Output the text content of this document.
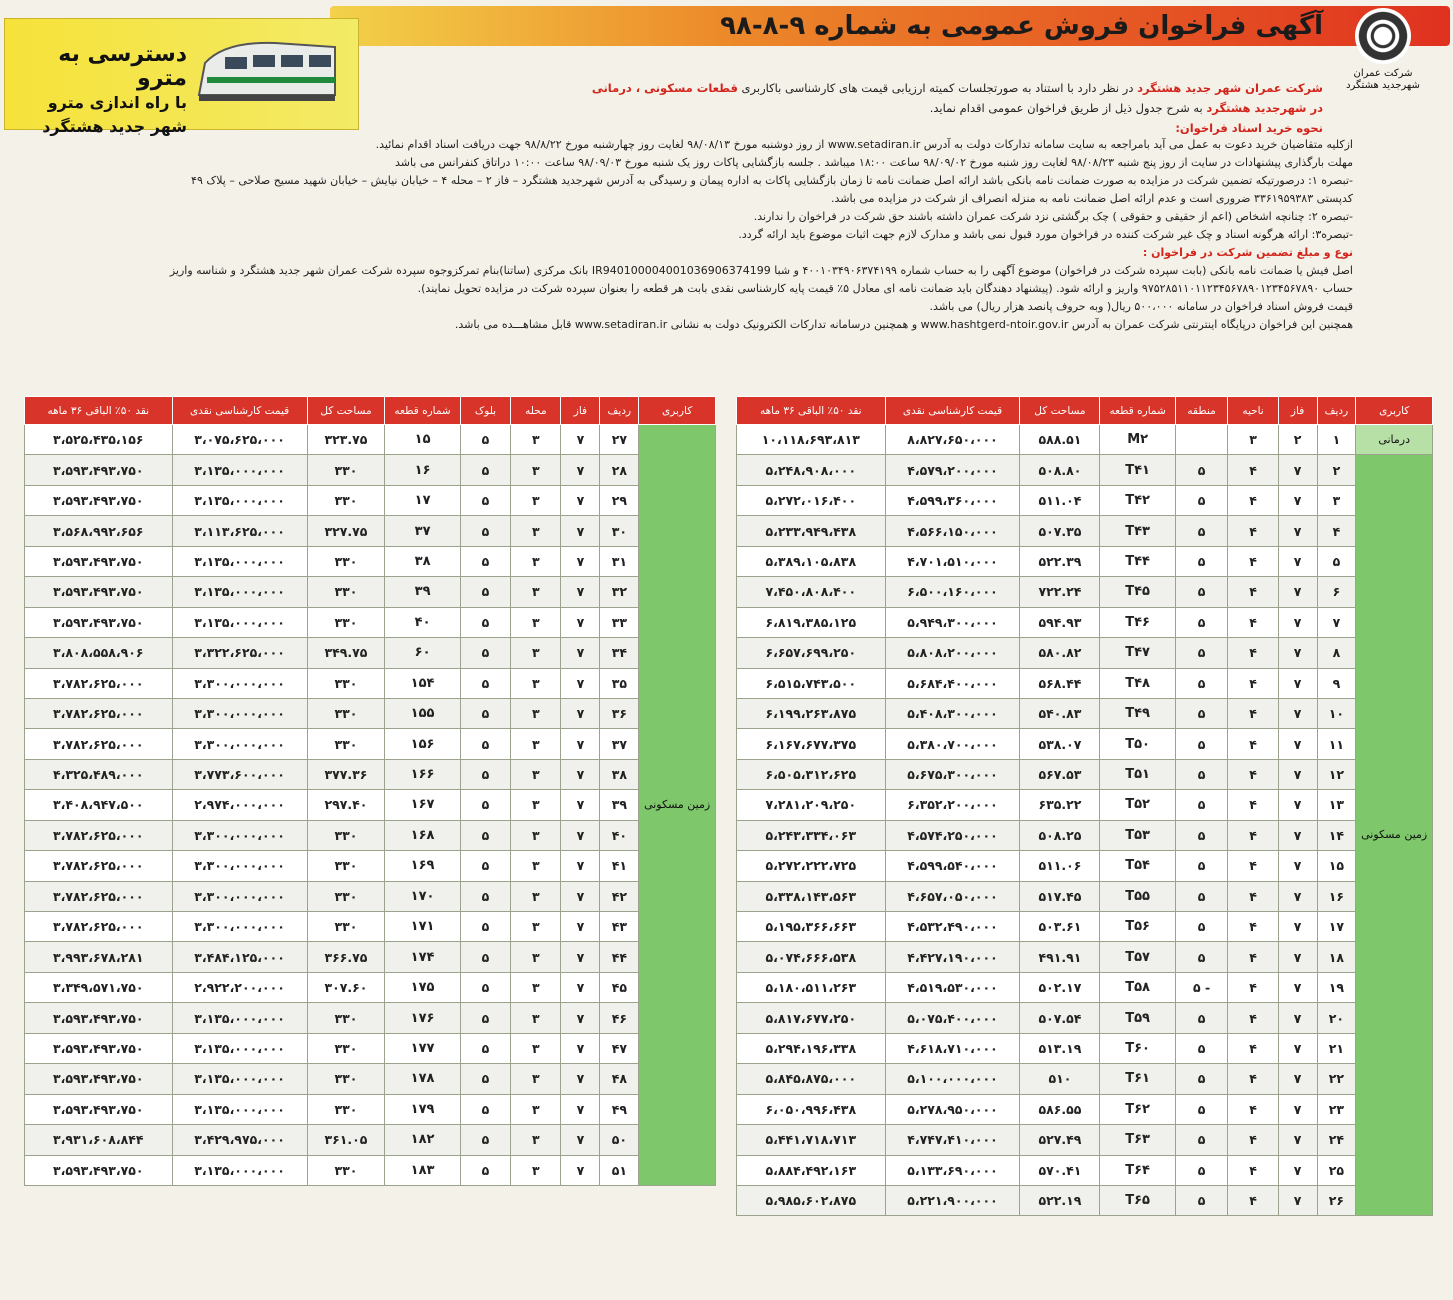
آگهی فراخوان فروش عمومی به شماره ۹-۸-۹۸
شرکت عمران
شهرجدید هشتگرد
دسترسی به مترو
با راه اندازی مترو
شهر جدید هشتگرد
شرکت عمران شهر جدید هشتگرد در نظر دارد با استناد به صورتجلسات کمیته ارزیابی قیمت های کارشناسی باکاربری قطعات مسکونی ، درمانی
در شهرجدید هشتگرد به شرح جدول ذیل از طریق فراخوان عمومی اقدام نماید.
نحوه خرید اسناد فراخوان:

ازکلیه متقاضیان خرید دعوت به عمل می آید بامراجعه به سایت سامانه تدارکات دولت به آدرس www.setadiran.ir از روز دوشنبه مورخ ۹۸/۰۸/۱۳ لغایت روز چهارشنبه مورخ ۹۸/۸/۲۲ جهت دریافت اسناد اقدام نمائید.

مهلت بارگذاری پیشنهادات در سایت از روز پنج شنبه ۹۸/۰۸/۲۳ لغایت روز شنبه مورخ ۹۸/۰۹/۰۲ ساعت ۱۸:۰۰ میباشد . جلسه بازگشایی پاکات روز یک شنبه مورخ ۹۸/۰۹/۰۳ ساعت ۱۰:۰۰ دراتاق کنفرانس می باشد

-تبصره ۱: درصورتیکه تضمین شرکت در مزایده به صورت ضمانت نامه بانکی باشد ارائه اصل ضمانت نامه تا زمان بازگشایی پاکات به اداره پیمان و رسیدگی به آدرس شهرجدید هشتگرد – فاز ۲ – محله ۴ – خیابان نیایش – خیابان شهید مسیح صلاحی – پلاک ۴۹

کدپستی ۳۳۶۱۹۵۹۳۸۳ ضروری است و عدم ارائه اصل ضمانت نامه به منزله انصراف از شرکت در مزایده می باشد.

-تبصره ۲: چنانچه اشخاص (اعم از حقیقی و حقوقی ) چک برگشتی نزد شرکت عمران داشته باشند حق شرکت در فراخوان را ندارند.

-تبصره۳: ارائه هرگونه اسناد و چک غیر شرکت کننده در فراخوان مورد قبول نمی باشد و مدارک لازم جهت اثبات موضوع باید ارائه گردد.

نوع و مبلغ تضمین شرکت در فراخوان :

اصل فیش یا ضمانت نامه بانکی (بابت سپرده شرکت در فراخوان) موضوع آگهی را به حساب شماره ۴۰۰۱۰۳۴۹۰۶۳۷۴۱۹۹ و شبا IR940100004001036906374199 بانک مرکزی (ساتنا)بنام تمرکزوجوه سپرده شرکت عمران شهر جدید هشتگرد و شناسه واریز

حساب ۹۷۵۲۸۵۱۱۰۱۱۲۳۴۵۶۷۸۹۰۱۲۳۴۵۶۷۸۹۰ واریز و ارائه شود. (پیشنهاد دهندگان باید ضمانت نامه ای معادل ۵٪ قیمت پایه کارشناسی نقدی بابت هر قطعه را بعنوان سپرده شرکت در مزایده تحویل نمایند).

قیمت فروش اسناد فراخوان در سامانه ۵۰۰،۰۰۰ ریال( وبه حروف پانصد هزار ریال) می باشد.

همچنین این فراخوان درپایگاه اینترنتی شرکت عمران به آدرس www.hashtgerd-ntoir.gov.ir و همچنین درسامانه تدارکات الکترونیک دولت به نشانی www.setadiran.ir قابل مشاهـــده می باشد.

کاربری	ردیف	فاز	ناحیه	منطقه	شماره قطعه	مساحت کل	قیمت کارشناسی نقدی	نقد ۵۰٪ الباقی ۳۶ ماهه
درمانی	۱	۲	۳		M۲	۵۸۸.۵۱	۸،۸۲۷،۶۵۰،۰۰۰	۱۰،۱۱۸،۶۹۳،۸۱۳

زمین مسکونی	۲	۷	۴	۵	T۴۱	۵۰۸.۸۰	۴،۵۷۹،۲۰۰،۰۰۰	۵،۲۴۸،۹۰۸،۰۰۰
	۳	۷	۴	۵	T۴۲	۵۱۱.۰۴	۴،۵۹۹،۳۶۰،۰۰۰	۵،۲۷۲،۰۱۶،۴۰۰
	۴	۷	۴	۵	T۴۳	۵۰۷.۳۵	۴،۵۶۶،۱۵۰،۰۰۰	۵،۲۳۳،۹۴۹،۴۳۸
	۵	۷	۴	۵	T۴۴	۵۲۲.۳۹	۴،۷۰۱،۵۱۰،۰۰۰	۵،۳۸۹،۱۰۵،۸۳۸
	۶	۷	۴	۵	T۴۵	۷۲۲.۲۴	۶،۵۰۰،۱۶۰،۰۰۰	۷،۴۵۰،۸۰۸،۴۰۰
	۷	۷	۴	۵	T۴۶	۵۹۴.۹۳	۵،۹۴۹،۳۰۰،۰۰۰	۶،۸۱۹،۳۸۵،۱۲۵
	۸	۷	۴	۵	T۴۷	۵۸۰.۸۲	۵،۸۰۸،۲۰۰،۰۰۰	۶،۶۵۷،۶۹۹،۲۵۰
	۹	۷	۴	۵	T۴۸	۵۶۸.۴۴	۵،۶۸۴،۴۰۰،۰۰۰	۶،۵۱۵،۷۴۳،۵۰۰
	۱۰	۷	۴	۵	T۴۹	۵۴۰.۸۳	۵،۴۰۸،۳۰۰،۰۰۰	۶،۱۹۹،۲۶۳،۸۷۵
	۱۱	۷	۴	۵	T۵۰	۵۳۸.۰۷	۵،۳۸۰،۷۰۰،۰۰۰	۶،۱۶۷،۶۷۷،۳۷۵
	۱۲	۷	۴	۵	T۵۱	۵۶۷.۵۳	۵،۶۷۵،۳۰۰،۰۰۰	۶،۵۰۵،۳۱۲،۶۲۵
	۱۳	۷	۴	۵	T۵۲	۶۳۵.۲۲	۶،۳۵۲،۲۰۰،۰۰۰	۷،۲۸۱،۲۰۹،۲۵۰
	۱۴	۷	۴	۵	T۵۳	۵۰۸.۲۵	۴،۵۷۴،۲۵۰،۰۰۰	۵،۲۴۳،۳۳۴،۰۶۳
	۱۵	۷	۴	۵	T۵۴	۵۱۱.۰۶	۴،۵۹۹،۵۴۰،۰۰۰	۵،۲۷۲،۲۲۲،۷۲۵
	۱۶	۷	۴	۵	T۵۵	۵۱۷.۴۵	۴،۶۵۷،۰۵۰،۰۰۰	۵،۳۳۸،۱۴۳،۵۶۳
	۱۷	۷	۴	۵	T۵۶	۵۰۳.۶۱	۴،۵۳۲،۴۹۰،۰۰۰	۵،۱۹۵،۳۶۶،۶۶۳
	۱۸	۷	۴	۵	T۵۷	۴۹۱.۹۱	۴،۴۲۷،۱۹۰،۰۰۰	۵،۰۷۴،۶۶۶،۵۳۸
	۱۹	۷	۴	- ۵	T۵۸	۵۰۲.۱۷	۴،۵۱۹،۵۳۰،۰۰۰	۵،۱۸۰،۵۱۱،۲۶۳
	۲۰	۷	۴	۵	T۵۹	۵۰۷.۵۴	۵،۰۷۵،۴۰۰،۰۰۰	۵،۸۱۷،۶۷۷،۲۵۰
	۲۱	۷	۴	۵	T۶۰	۵۱۳.۱۹	۴،۶۱۸،۷۱۰،۰۰۰	۵،۲۹۴،۱۹۶،۳۳۸
	۲۲	۷	۴	۵	T۶۱	۵۱۰	۵،۱۰۰،۰۰۰،۰۰۰	۵،۸۴۵،۸۷۵،۰۰۰
	۲۳	۷	۴	۵	T۶۲	۵۸۶.۵۵	۵،۲۷۸،۹۵۰،۰۰۰	۶،۰۵۰،۹۹۶،۴۳۸
	۲۴	۷	۴	۵	T۶۳	۵۲۷.۴۹	۴،۷۴۷،۴۱۰،۰۰۰	۵،۴۴۱،۷۱۸،۷۱۳
	۲۵	۷	۴	۵	T۶۴	۵۷۰.۴۱	۵،۱۳۳،۶۹۰،۰۰۰	۵،۸۸۴،۴۹۲،۱۶۳
	۲۶	۷	۴	۵	T۶۵	۵۲۲.۱۹	۵،۲۲۱،۹۰۰،۰۰۰	۵،۹۸۵،۶۰۲،۸۷۵
کاربری	ردیف	فاز	محله	بلوک	شماره قطعه	مساحت کل	قیمت کارشناسی نقدی	نقد ۵۰٪ الباقی ۳۶ ماهه

زمین مسکونی	۲۷	۷	۳	۵	۱۵	۳۲۳.۷۵	۳،۰۷۵،۶۲۵،۰۰۰	۳،۵۲۵،۴۳۵،۱۵۶
	۲۸	۷	۳	۵	۱۶	۳۳۰	۳،۱۳۵،۰۰۰،۰۰۰	۳،۵۹۳،۴۹۳،۷۵۰
	۲۹	۷	۳	۵	۱۷	۳۳۰	۳،۱۳۵،۰۰۰،۰۰۰	۳،۵۹۳،۴۹۳،۷۵۰
	۳۰	۷	۳	۵	۳۷	۳۲۷.۷۵	۳،۱۱۳،۶۲۵،۰۰۰	۳،۵۶۸،۹۹۲،۶۵۶
	۳۱	۷	۳	۵	۳۸	۳۳۰	۳،۱۳۵،۰۰۰،۰۰۰	۳،۵۹۳،۴۹۳،۷۵۰
	۳۲	۷	۳	۵	۳۹	۳۳۰	۳،۱۳۵،۰۰۰،۰۰۰	۳،۵۹۳،۴۹۳،۷۵۰
	۳۳	۷	۳	۵	۴۰	۳۳۰	۳،۱۳۵،۰۰۰،۰۰۰	۳،۵۹۳،۴۹۳،۷۵۰
	۳۴	۷	۳	۵	۶۰	۳۴۹.۷۵	۳،۳۲۲،۶۲۵،۰۰۰	۳،۸۰۸،۵۵۸،۹۰۶
	۳۵	۷	۳	۵	۱۵۴	۳۳۰	۳،۳۰۰،۰۰۰،۰۰۰	۳،۷۸۲،۶۲۵،۰۰۰
	۳۶	۷	۳	۵	۱۵۵	۳۳۰	۳،۳۰۰،۰۰۰،۰۰۰	۳،۷۸۲،۶۲۵،۰۰۰
	۳۷	۷	۳	۵	۱۵۶	۳۳۰	۳،۳۰۰،۰۰۰،۰۰۰	۳،۷۸۲،۶۲۵،۰۰۰
	۳۸	۷	۳	۵	۱۶۶	۳۷۷.۳۶	۳،۷۷۳،۶۰۰،۰۰۰	۴،۳۲۵،۴۸۹،۰۰۰
	۳۹	۷	۳	۵	۱۶۷	۲۹۷.۴۰	۲،۹۷۴،۰۰۰،۰۰۰	۳،۴۰۸،۹۴۷،۵۰۰
	۴۰	۷	۳	۵	۱۶۸	۳۳۰	۳،۳۰۰،۰۰۰،۰۰۰	۳،۷۸۲،۶۲۵،۰۰۰
	۴۱	۷	۳	۵	۱۶۹	۳۳۰	۳،۳۰۰،۰۰۰،۰۰۰	۳،۷۸۲،۶۲۵،۰۰۰
	۴۲	۷	۳	۵	۱۷۰	۳۳۰	۳،۳۰۰،۰۰۰،۰۰۰	۳،۷۸۲،۶۲۵،۰۰۰
	۴۳	۷	۳	۵	۱۷۱	۳۳۰	۳،۳۰۰،۰۰۰،۰۰۰	۳،۷۸۲،۶۲۵،۰۰۰
	۴۴	۷	۳	۵	۱۷۴	۳۶۶.۷۵	۳،۴۸۴،۱۲۵،۰۰۰	۳،۹۹۳،۶۷۸،۲۸۱
	۴۵	۷	۳	۵	۱۷۵	۳۰۷.۶۰	۲،۹۲۲،۲۰۰،۰۰۰	۳،۳۴۹،۵۷۱،۷۵۰
	۴۶	۷	۳	۵	۱۷۶	۳۳۰	۳،۱۳۵،۰۰۰،۰۰۰	۳،۵۹۳،۴۹۳،۷۵۰
	۴۷	۷	۳	۵	۱۷۷	۳۳۰	۳،۱۳۵،۰۰۰،۰۰۰	۳،۵۹۳،۴۹۳،۷۵۰
	۴۸	۷	۳	۵	۱۷۸	۳۳۰	۳،۱۳۵،۰۰۰،۰۰۰	۳،۵۹۳،۴۹۳،۷۵۰
	۴۹	۷	۳	۵	۱۷۹	۳۳۰	۳،۱۳۵،۰۰۰،۰۰۰	۳،۵۹۳،۴۹۳،۷۵۰
	۵۰	۷	۳	۵	۱۸۲	۳۶۱.۰۵	۳،۴۲۹،۹۷۵،۰۰۰	۳،۹۳۱،۶۰۸،۸۴۴
	۵۱	۷	۳	۵	۱۸۳	۳۳۰	۳،۱۳۵،۰۰۰،۰۰۰	۳،۵۹۳،۴۹۳،۷۵۰
